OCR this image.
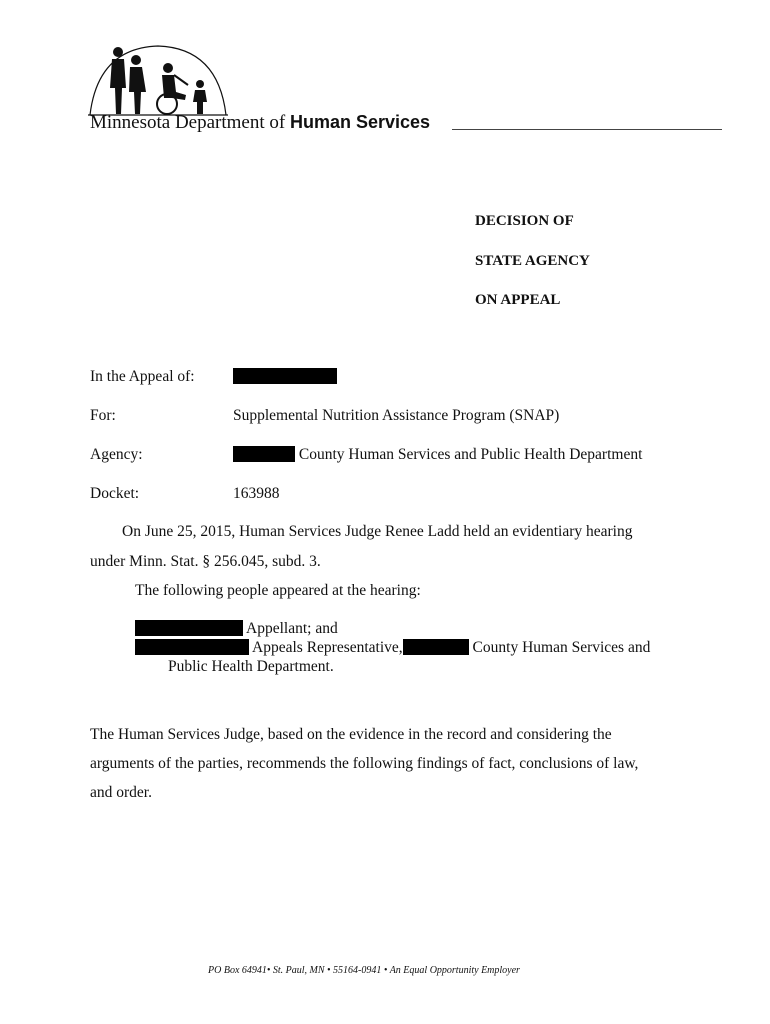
Minnesota Department of Human Services
DECISION OF
STATE AGENCY
ON APPEAL
In the Appeal of:
For:	Supplemental Nutrition Assistance Program (SNAP)
Agency:	County Human Services and Public Health Department
Docket:	163988
On June 25, 2015, Human Services Judge Renee Ladd held an evidentiary hearing
under Minn. Stat. § 256.045, subd. 3.
The following people appeared at the hearing:
Appellant; and
Appeals Representative,	County Human Services and
Public Health Department.
The Human Services Judge, based on the evidence in the record and considering the
arguments of the parties, recommends the following findings of fact, conclusions of law,
and order.
PO Box 64941• St. Paul, MN • 55164-0941 • An Equal Opportunity Employer
